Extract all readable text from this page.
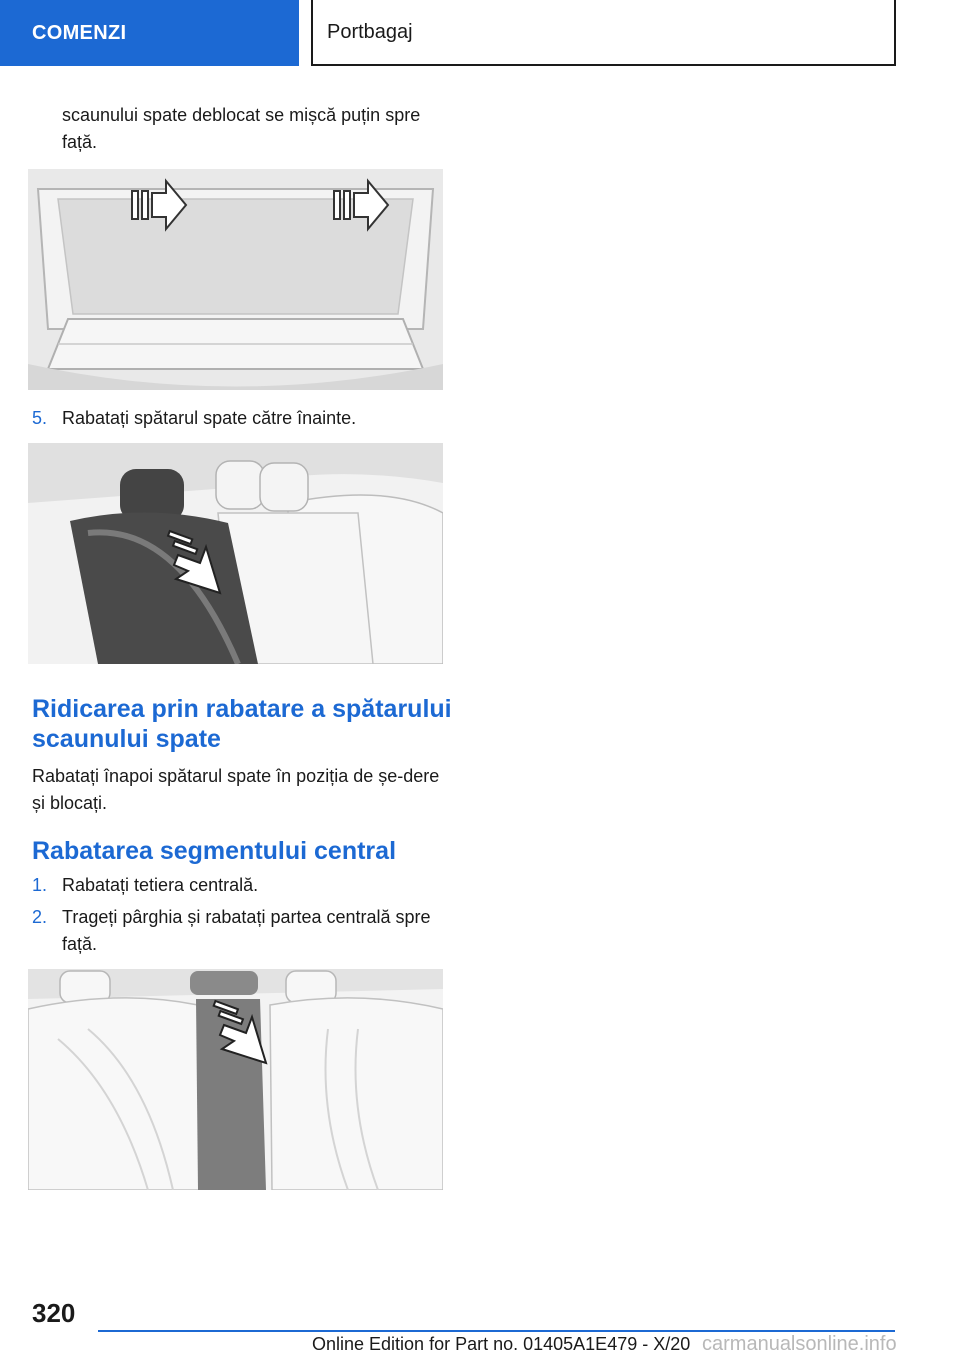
COMENZI	Portbagaj

scaunului spate deblocat se mișcă puțin spre față.

5. Rabatați spătarul spate către înainte.
Ridicarea prin rabatare a spătarului scaunului spate

Rabatați înapoi spătarul spate în poziția de șe-dere și blocați.

Rabatarea segmentului central
1. Rabatați tetiera centrală.
2. Trageți pârghia și rabatați partea centrală spre față.
320
Online Edition for Part no. 01405A1E479 - X/20 carmanualsonline.info
